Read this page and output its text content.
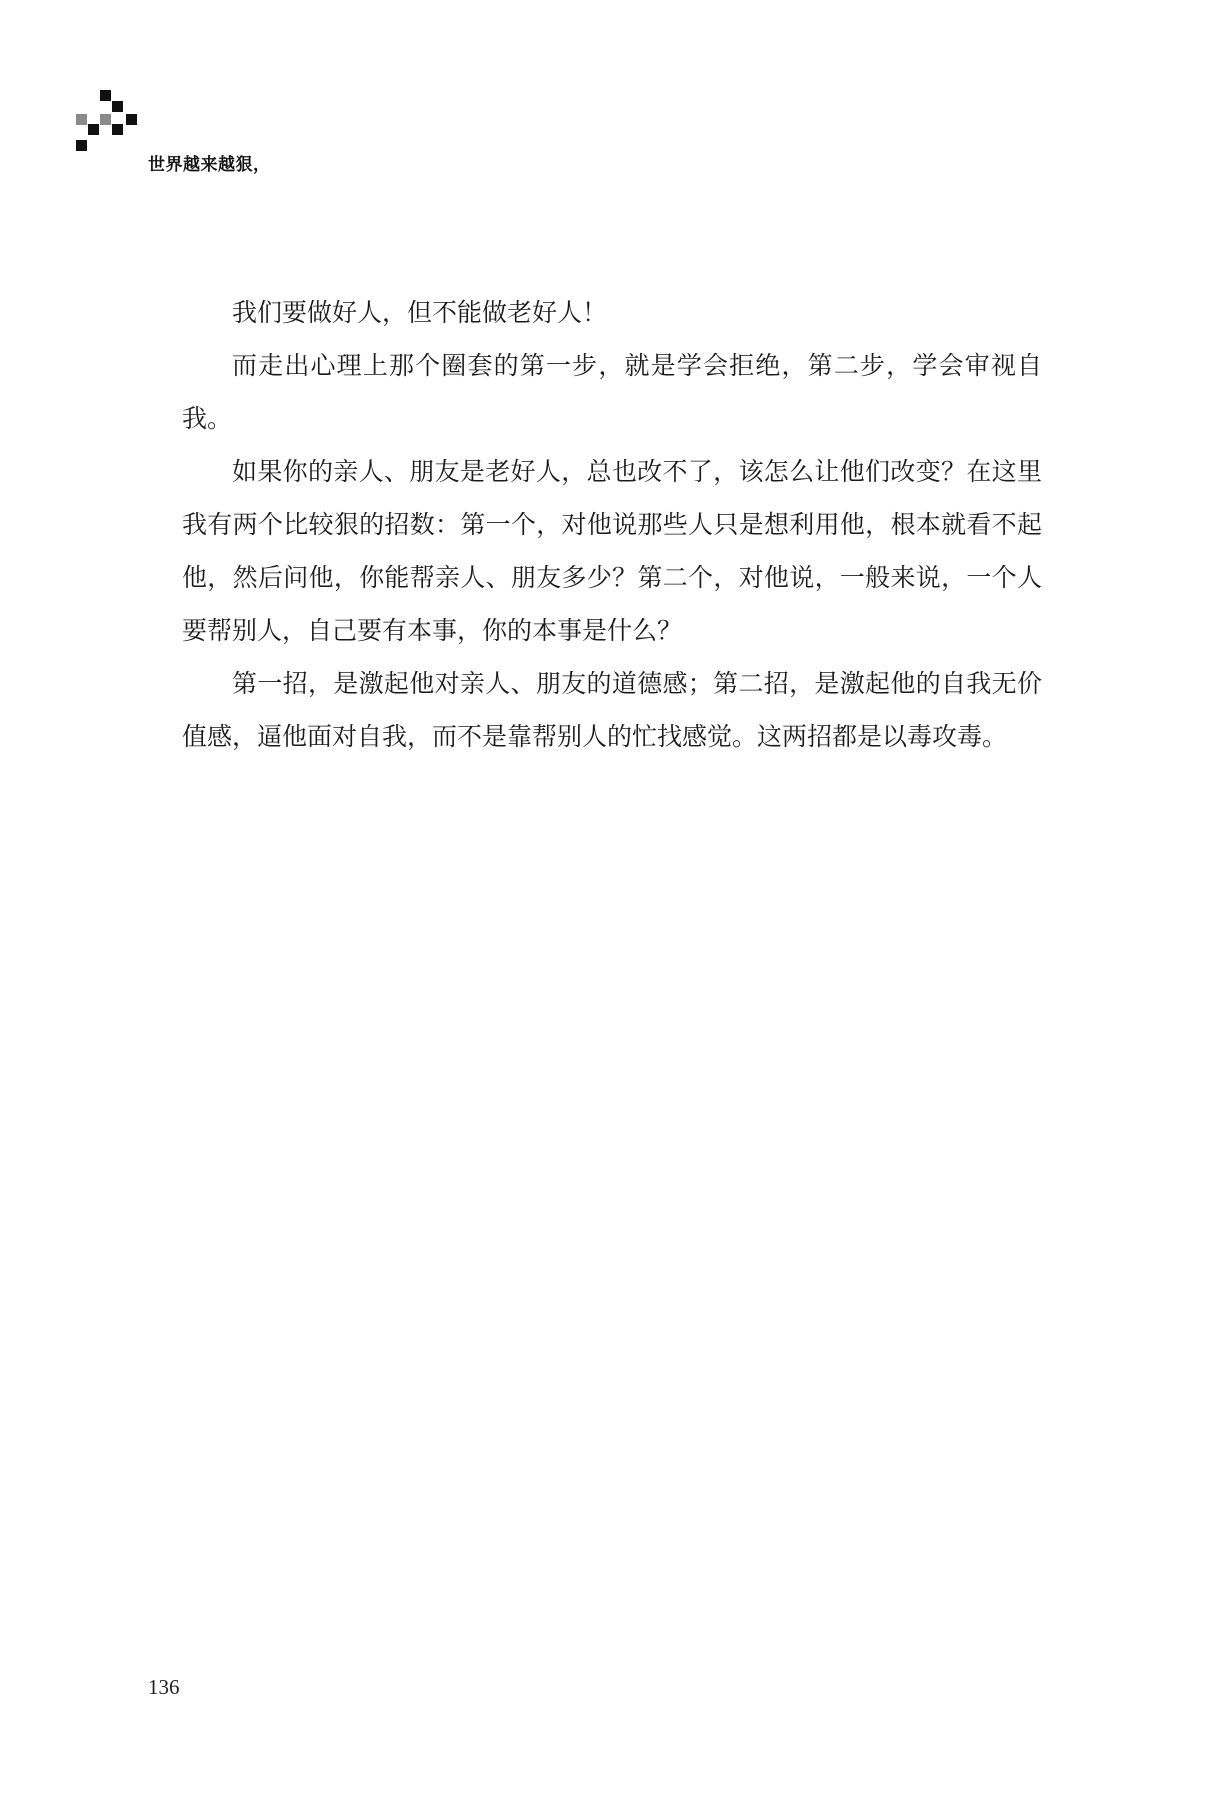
世界越来越狠，

我们要做好人，但不能做老好人！

而走出心理上那个圈套的第一步，就是学会拒绝，第二步，学会审视自我。

如果你的亲人、朋友是老好人，总也改不了，该怎么让他们改变？在这里我有两个比较狠的招数：第一个，对他说那些人只是想利用他，根本就看不起他，然后问他，你能帮亲人、朋友多少？第二个，对他说，一般来说，一个人要帮别人，自己要有本事，你的本事是什么？

第一招，是激起他对亲人、朋友的道德感；第二招，是激起他的自我无价值感，逼他面对自我，而不是靠帮别人的忙找感觉。这两招都是以毒攻毒。

136
